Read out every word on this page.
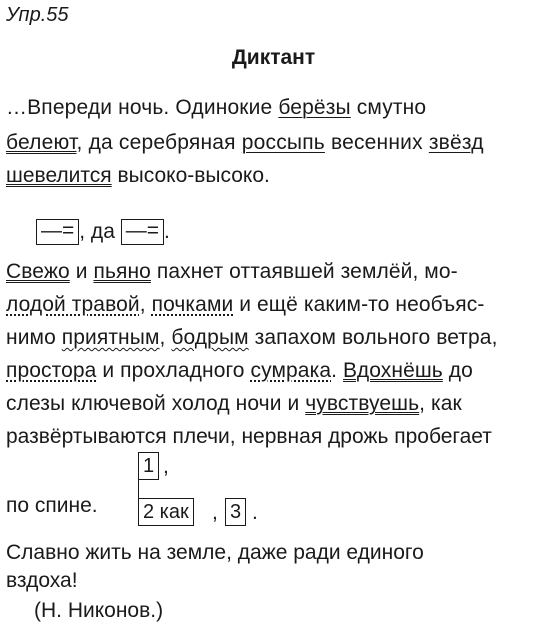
Упр.55
Диктант
…Впереди ночь. Одинокие берёзы смутно
белеют, да серебряная россыпь весенних звёзд
шевелится высоко-высоко.
—= , да —= .
Свежо и пьяно пахнет оттаявшей землёй, мо-
лодой травой, почками и ещё каким-то необъяс-
нимо приятным, бодрым запахом вольного ветра,
простора и прохладного сумрака. Вдохнёшь до
слезы ключевой холод ночи и чувствуешь, как
развёртываются плечи, нервная дрожь пробегает
1 ,
по спине. 2 как , 3 .
Славно жить на земле, даже ради единого
вздоха!
(Н. Никонов.)
